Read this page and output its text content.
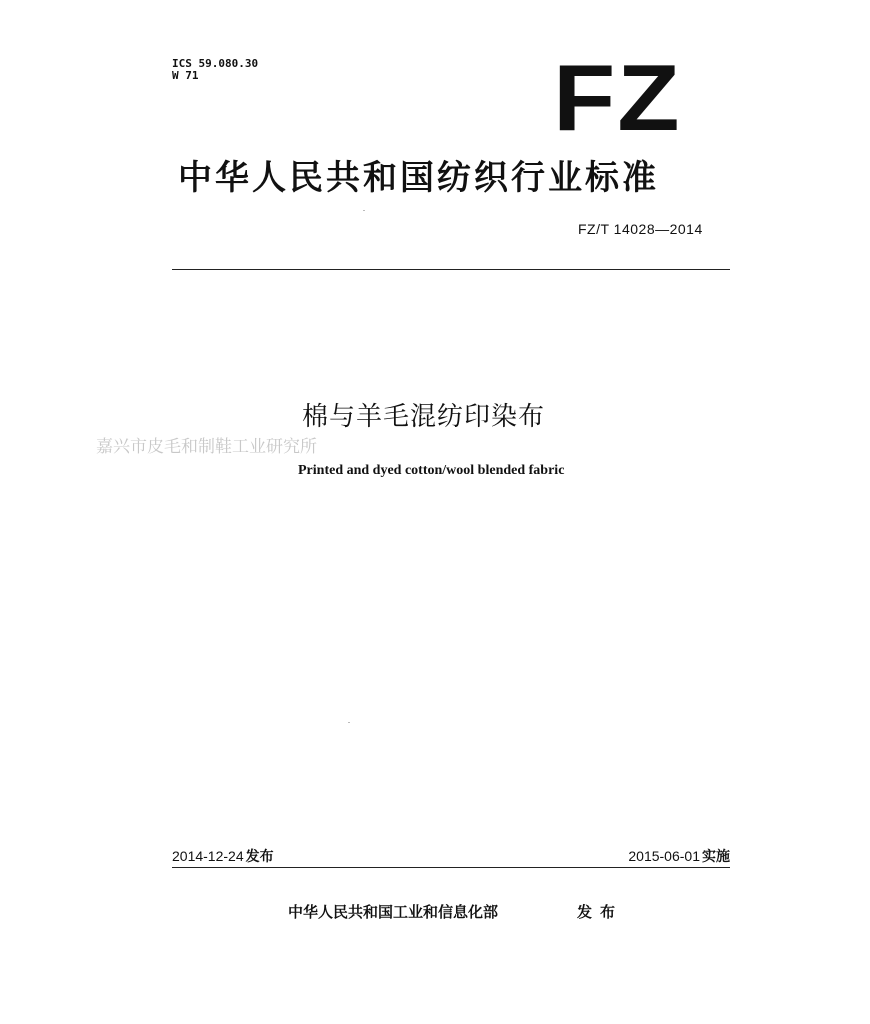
ICS 59.080.30
W 71	FZ
中华人民共和国纺织行业标准
FZ/T 14028—2014
棉与羊毛混纺印染布
嘉兴市皮毛和制鞋工业研究所
Printed and dyed cotton/wool blended fabric
2014-12-24 发布	2015-06-01 实施
中华人民共和国工业和信息化部	发布
